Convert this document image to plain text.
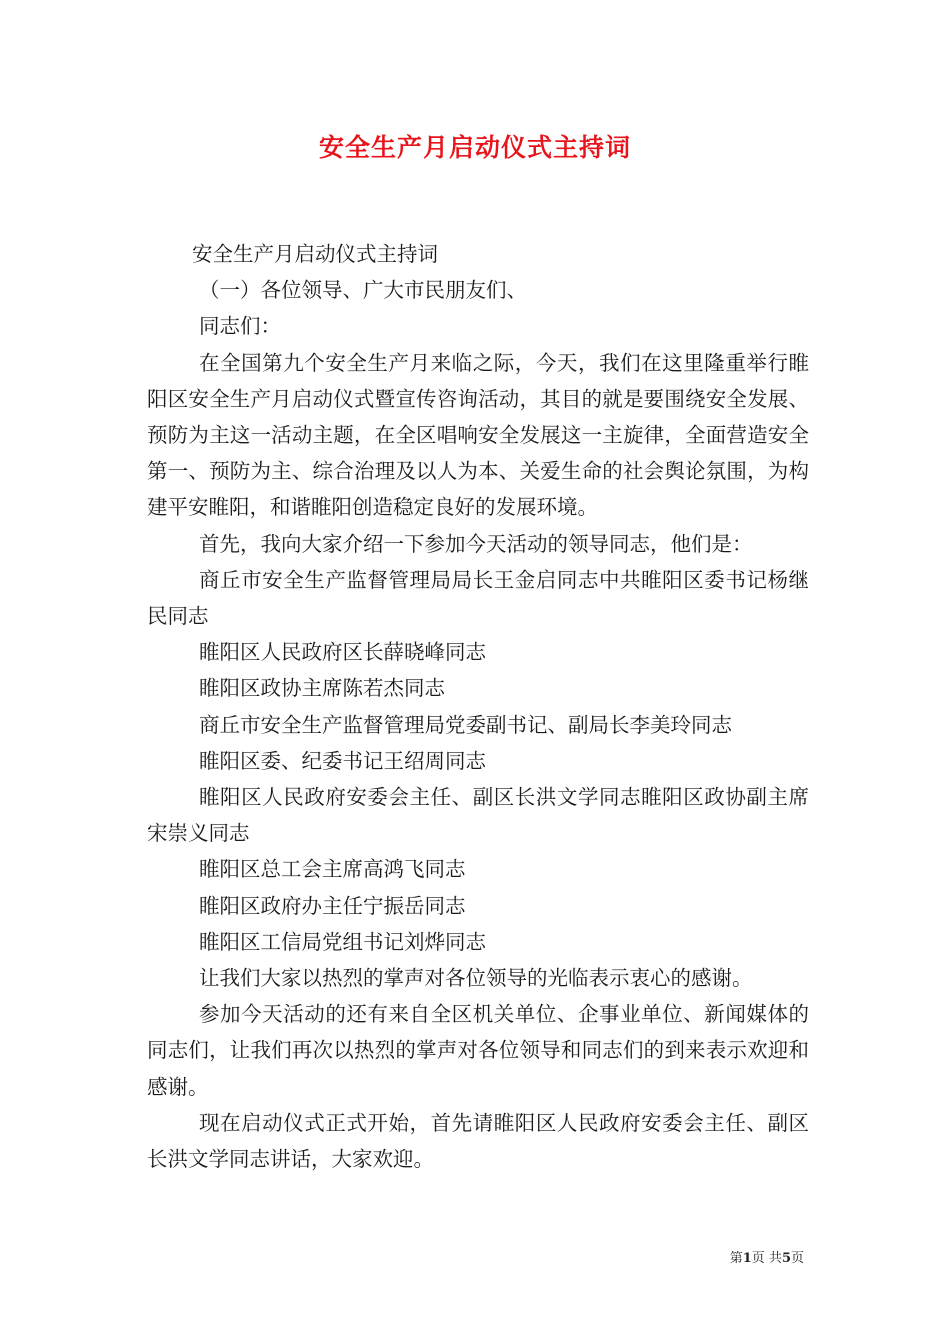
安全生产月启动仪式主持词

安全生产月启动仪式主持词

（一）各位领导、广大市民朋友们、

同志们：

在全国第九个安全生产月来临之际，今天，我们在这里隆重举行睢阳区安全生产月启动仪式暨宣传咨询活动，其目的就是要围绕安全发展、预防为主这一活动主题，在全区唱响安全发展这一主旋律，全面营造安全第一、预防为主、综合治理及以人为本、关爱生命的社会舆论氛围，为构建平安睢阳，和谐睢阳创造稳定良好的发展环境。

首先，我向大家介绍一下参加今天活动的领导同志，他们是：

商丘市安全生产监督管理局局长王金启同志中共睢阳区委书记杨继民同志

睢阳区人民政府区长薛晓峰同志

睢阳区政协主席陈若杰同志

商丘市安全生产监督管理局党委副书记、副局长李美玲同志

睢阳区委、纪委书记王绍周同志

睢阳区人民政府安委会主任、副区长洪文学同志睢阳区政协副主席宋崇义同志

睢阳区总工会主席高鸿飞同志

睢阳区政府办主任宁振岳同志

睢阳区工信局党组书记刘烨同志

让我们大家以热烈的掌声对各位领导的光临表示衷心的感谢。

参加今天活动的还有来自全区机关单位、企事业单位、新闻媒体的同志们，让我们再次以热烈的掌声对各位领导和同志们的到来表示欢迎和感谢。

现在启动仪式正式开始，首先请睢阳区人民政府安委会主任、副区长洪文学同志讲话，大家欢迎。

第1页 共5页
